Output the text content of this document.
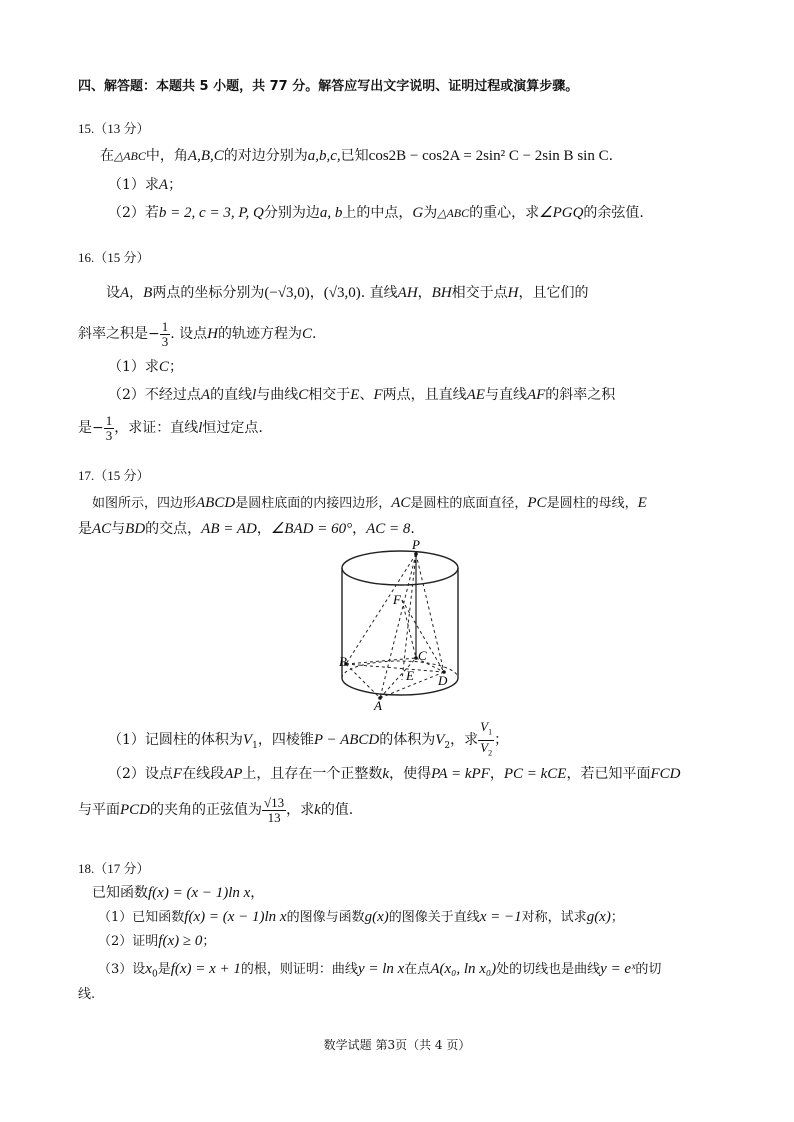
四、解答题：本题共 5 小题，共 77 分。解答应写出文字说明、证明过程或演算步骤。
15.（13 分）
在△ABC中，角A,B,C的对边分别为a,b,c,已知cos2B − cos2A = 2sin² C − 2sin B sin C.
（1）求A；
（2）若b = 2, c = 3, P, Q分别为边a, b上的中点，G为△ABC的重心，求∠PGQ的余弦值.
16.（15 分）
设A，B两点的坐标分别为(−√3,0)，(√3,0). 直线AH，BH相交于点H，且它们的
斜率之积是− $\frac{1}{3}$ . 设点H的轨迹方程为C.
（1）求C；
（2）不经过点A的直线l与曲线C相交于E、F两点，且直线AE与直线AF的斜率之积
是− $\frac{1}{3}$ ，求证：直线l恒过定点.
17.（15 分）
如图所示，四边形ABCD是圆柱底面的内接四边形，AC是圆柱的底面直径，PC是圆柱的母线，E
是AC与BD的交点，AB = AD，∠BAD = 60°，AC = 8.
P
F
B	C
E D
A
（1）记圆柱的体积为$V_1$，四棱锥P − ABCD的体积为$V_2$，求 $\frac{V_1}{V_2}$ ；
（2）设点F在线段AP上，且存在一个正整数k，使得PA = kPF，PC = kCE，若已知平面FCD
与平面PCD的夹角的正弦值为 $\frac{√13}{13}$ ，求k的值.
18.（17 分）
已知函数f(x) = (x − 1)ln x，
（1）已知函数f(x) = (x − 1)ln x的图像与函数g(x)的图像关于直线x = −1对称，试求g(x)；
（2）证明f(x) ≥ 0；
（3）设$x_0$是f(x) = x + 1的根，则证明：曲线y = ln x在点A(x₀, ln x₀)处的切线也是曲线y = eˣ的切
线.
数学试题 第3页（共 4 页）
